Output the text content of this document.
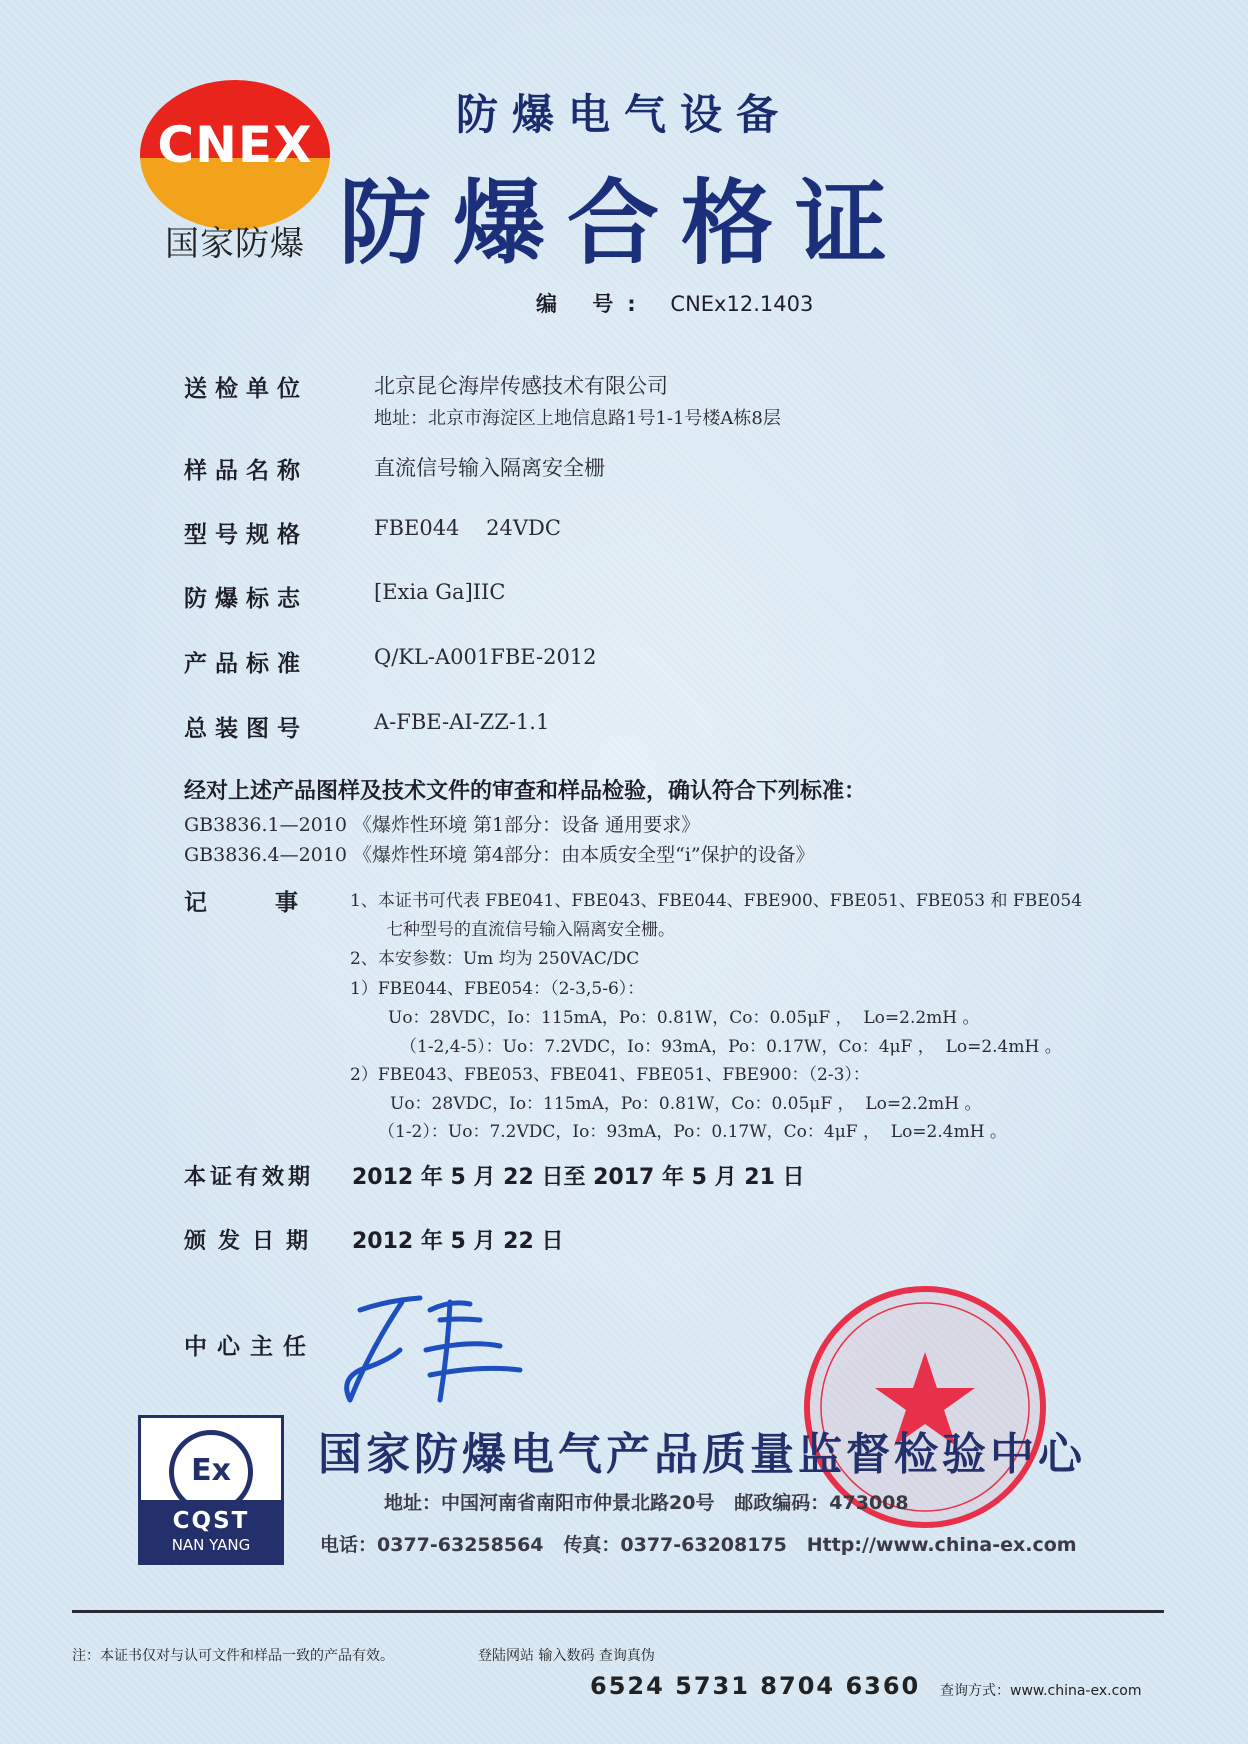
CNEX
国家防爆
防爆电气设备
防爆合格证
编 号: CNEx12.1403
送检单位	北京昆仑海岸传感技术有限公司
地址：北京市海淀区上地信息路1号1-1号楼A栋8层
样品名称	直流信号输入隔离安全栅
型号规格	FBE044    24VDC
防爆标志	[Exia Ga]IIC
产品标准	Q/KL-A001FBE-2012
总装图号	A-FBE-AI-ZZ-1.1
经对上述产品图样及技术文件的审查和样品检验，确认符合下列标准：
GB3836.1—2010 《爆炸性环境 第1部分：设备 通用要求》
GB3836.4—2010 《爆炸性环境 第4部分：由本质安全型“i”保护的设备》
记 事 1、本证书可代表 FBE041、FBE043、FBE044、FBE900、FBE051、FBE053 和 FBE054
七种型号的直流信号输入隔离安全栅。
2、本安参数：Um 均为 250VAC/DC
1）FBE044、FBE054：（2-3,5-6）：
Uo：28VDC，Io：115mA，Po：0.81W，Co：0.05μF ，  Lo=2.2mH 。
（1-2,4-5）：Uo：7.2VDC，Io：93mA，Po：0.17W，Co：4μF ，  Lo=2.4mH 。
2）FBE043、FBE053、FBE041、FBE051、FBE900：（2-3）：
Uo：28VDC，Io：115mA，Po：0.81W，Co：0.05μF ，  Lo=2.2mH 。
（1-2）：Uo：7.2VDC，Io：93mA，Po：0.17W，Co：4μF ，  Lo=2.4mH 。
本证有效期 2012 年 5 月 22 日至 2017 年 5 月 21 日
颁发日期 2012 年 5 月 22 日
中心主任
Ex
CQST
NAN YANG
国家防爆电气产品质量监督检验中心
地址：中国河南省南阳市仲景北路20号   邮政编码：473008
电话：0377-63258564   传真：0377-63208175   Http://www.china-ex.com
注：本证书仅对与认可文件和样品一致的产品有效。	登陆网站 输入数码 查询真伪
6524 5731 8704 6360 查询方式：www.china-ex.com
